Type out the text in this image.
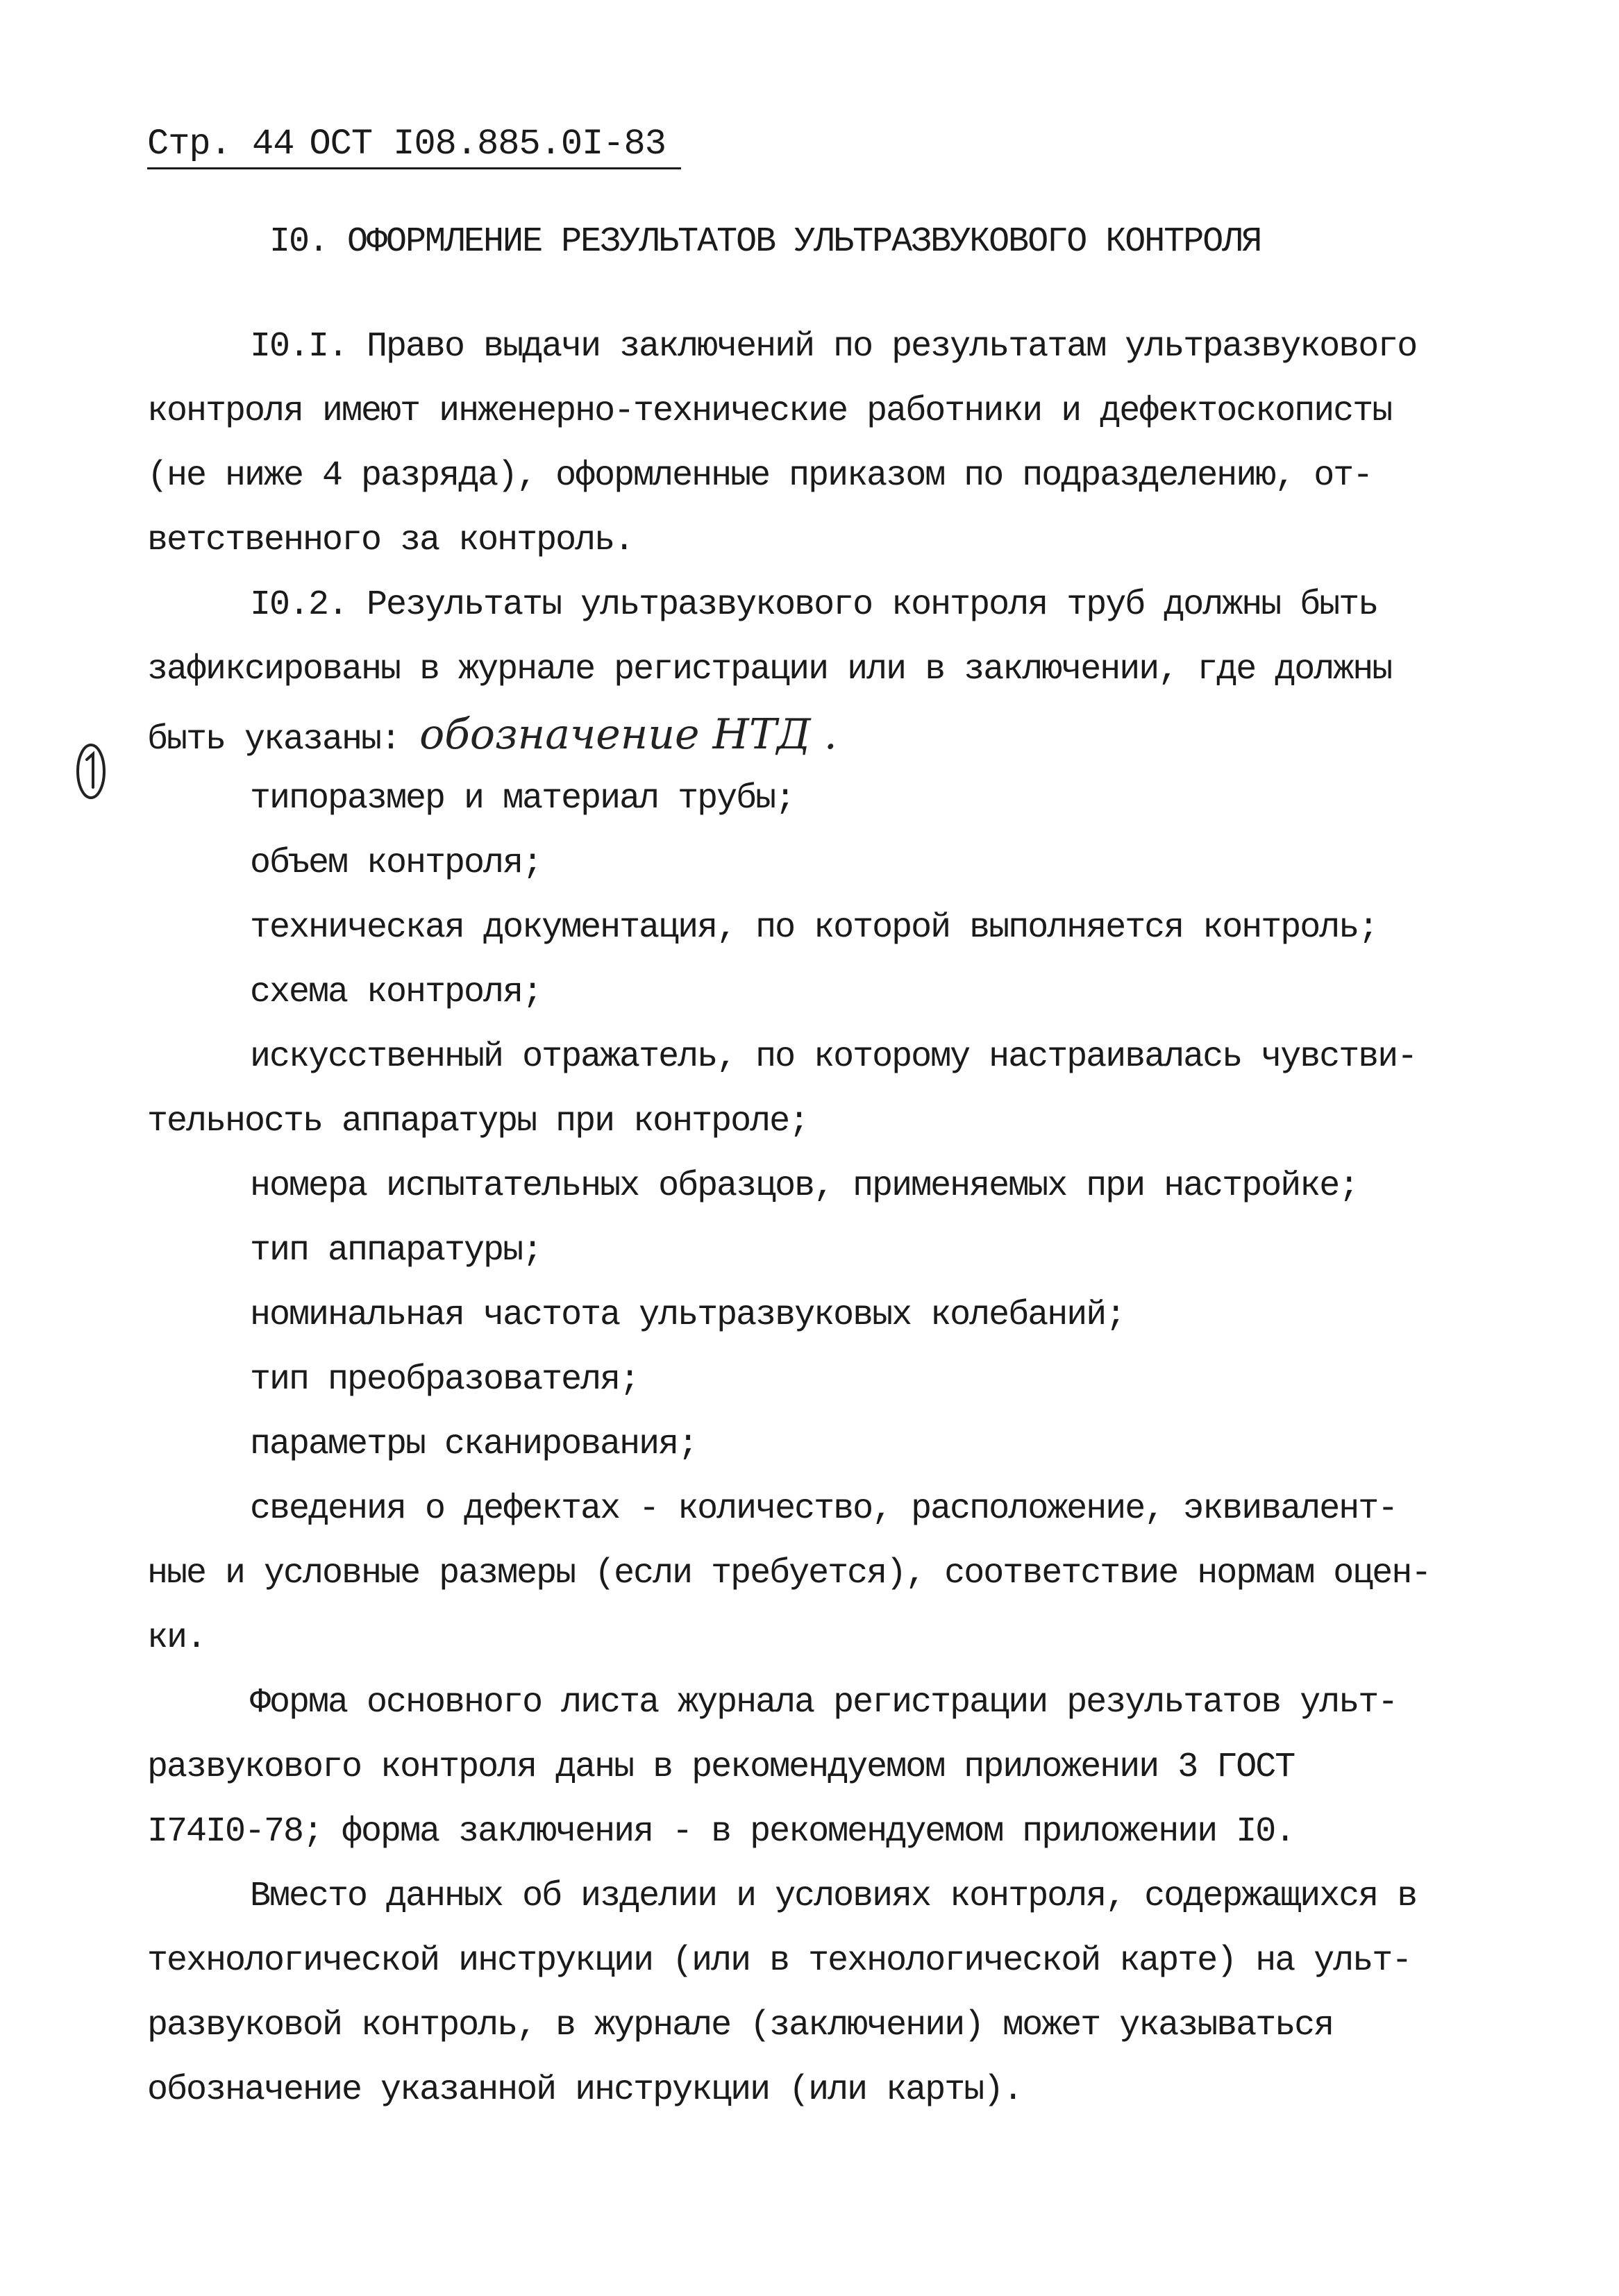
Стр. 44 ОСТ I08.885.0I-83
I0. ОФОРМЛЕНИЕ РЕЗУЛЬТАТОВ УЛЬТРАЗВУКОВОГО КОНТРОЛЯ
I0.I. Право выдачи заключений по результатам ультразвукового
контроля имеют инженерно-технические работники и дефектоскописты
(не ниже 4 разряда), оформленные приказом по подразделению, от-
ветственного за контроль.
I0.2. Результаты ультразвукового контроля труб должны быть
зафиксированы в журнале регистрации или в заключении, где должны
быть указаны: обозначение НТД .
типоразмер и материал трубы;
объем контроля;
техническая документация, по которой выполняется контроль;
схема контроля;
искусственный отражатель, по которому настраивалась чувстви-
тельность аппаратуры при контроле;
номера испытательных образцов, применяемых при настройке;
тип аппаратуры;
номинальная частота ультразвуковых колебаний;
тип преобразователя;
параметры сканирования;
сведения о дефектах - количество, расположение, эквивалент-
ные и условные размеры (если требуется), соответствие нормам оцен-
ки.
Форма основного листа журнала регистрации результатов ульт-
развукового контроля даны в рекомендуемом приложении 3 ГОСТ
I74I0-78; форма заключения - в рекомендуемом приложении I0.
Вместо данных об изделии и условиях контроля, содержащихся в
технологической инструкции (или в технологической карте) на ульт-
развуковой контроль, в журнале (заключении) может указываться
обозначение указанной инструкции (или карты).
